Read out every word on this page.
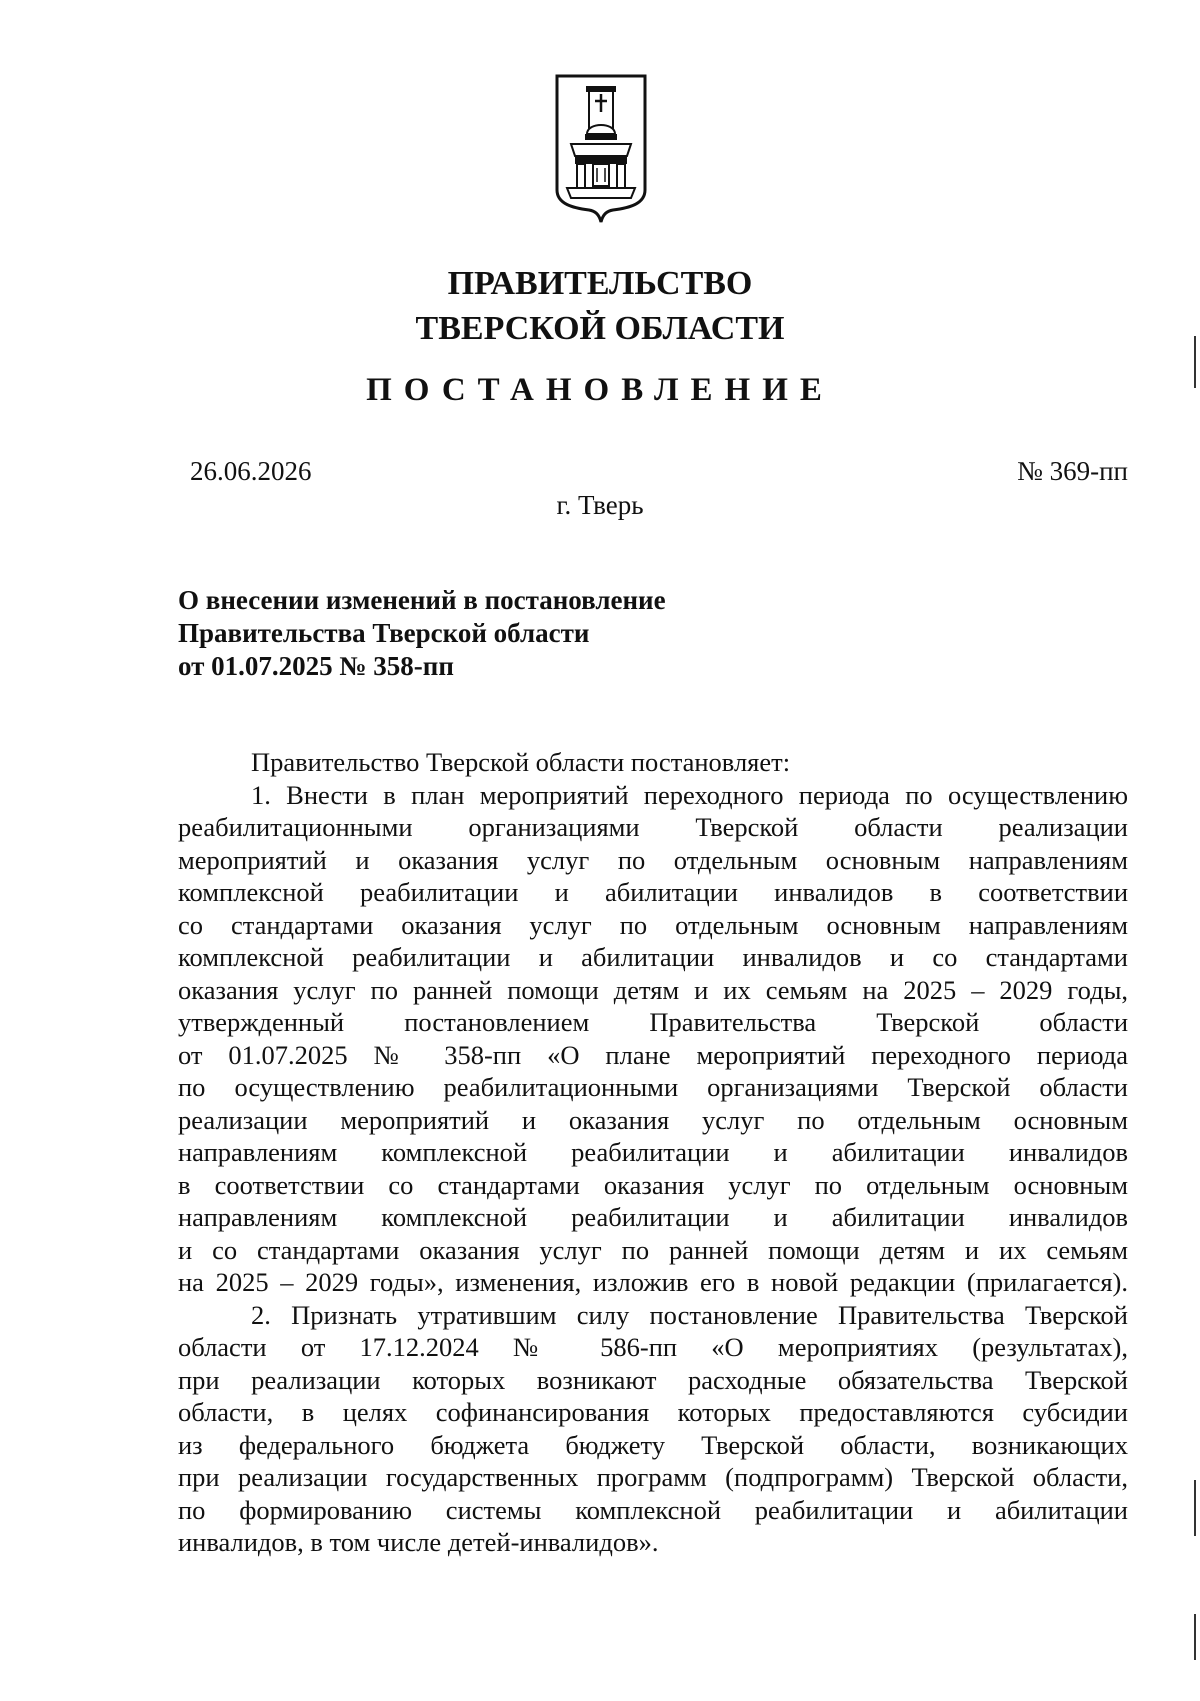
ПРАВИТЕЛЬСТВО
ТВЕРСКОЙ ОБЛАСТИ
ПОСТАНОВЛЕНИЕ
26.06.2026	№ 369-пп
г. Тверь
О внесении изменений в постановление
Правительства Тверской области
от 01.07.2025 № 358-пп
Правительство Тверской области постановляет:
1. Внести в план мероприятий переходного периода по осуществлению
реабилитационными организациями Тверской области реализации
мероприятий и оказания услуг по отдельным основным направлениям
комплексной реабилитации и абилитации инвалидов в соответствии
со стандартами оказания услуг по отдельным основным направлениям
комплексной реабилитации и абилитации инвалидов и со стандартами
оказания услуг по ранней помощи детям и их семьям на 2025 – 2029 годы,
утвержденный постановлением Правительства Тверской области
от 01.07.2025 № 358-пп «О плане мероприятий переходного периода
по осуществлению реабилитационными организациями Тверской области
реализации мероприятий и оказания услуг по отдельным основным
направлениям комплексной реабилитации и абилитации инвалидов
в соответствии со стандартами оказания услуг по отдельным основным
направлениям комплексной реабилитации и абилитации инвалидов
и со стандартами оказания услуг по ранней помощи детям и их семьям
на 2025 – 2029 годы», изменения, изложив его в новой редакции (прилагается).
2. Признать утратившим силу постановление Правительства Тверской
области от 17.12.2024 № 586-пп «О мероприятиях (результатах),
при реализации которых возникают расходные обязательства Тверской
области, в целях софинансирования которых предоставляются субсидии
из федерального бюджета бюджету Тверской области, возникающих
при реализации государственных программ (подпрограмм) Тверской области,
по формированию системы комплексной реабилитации и абилитации
инвалидов, в том числе детей-инвалидов».
